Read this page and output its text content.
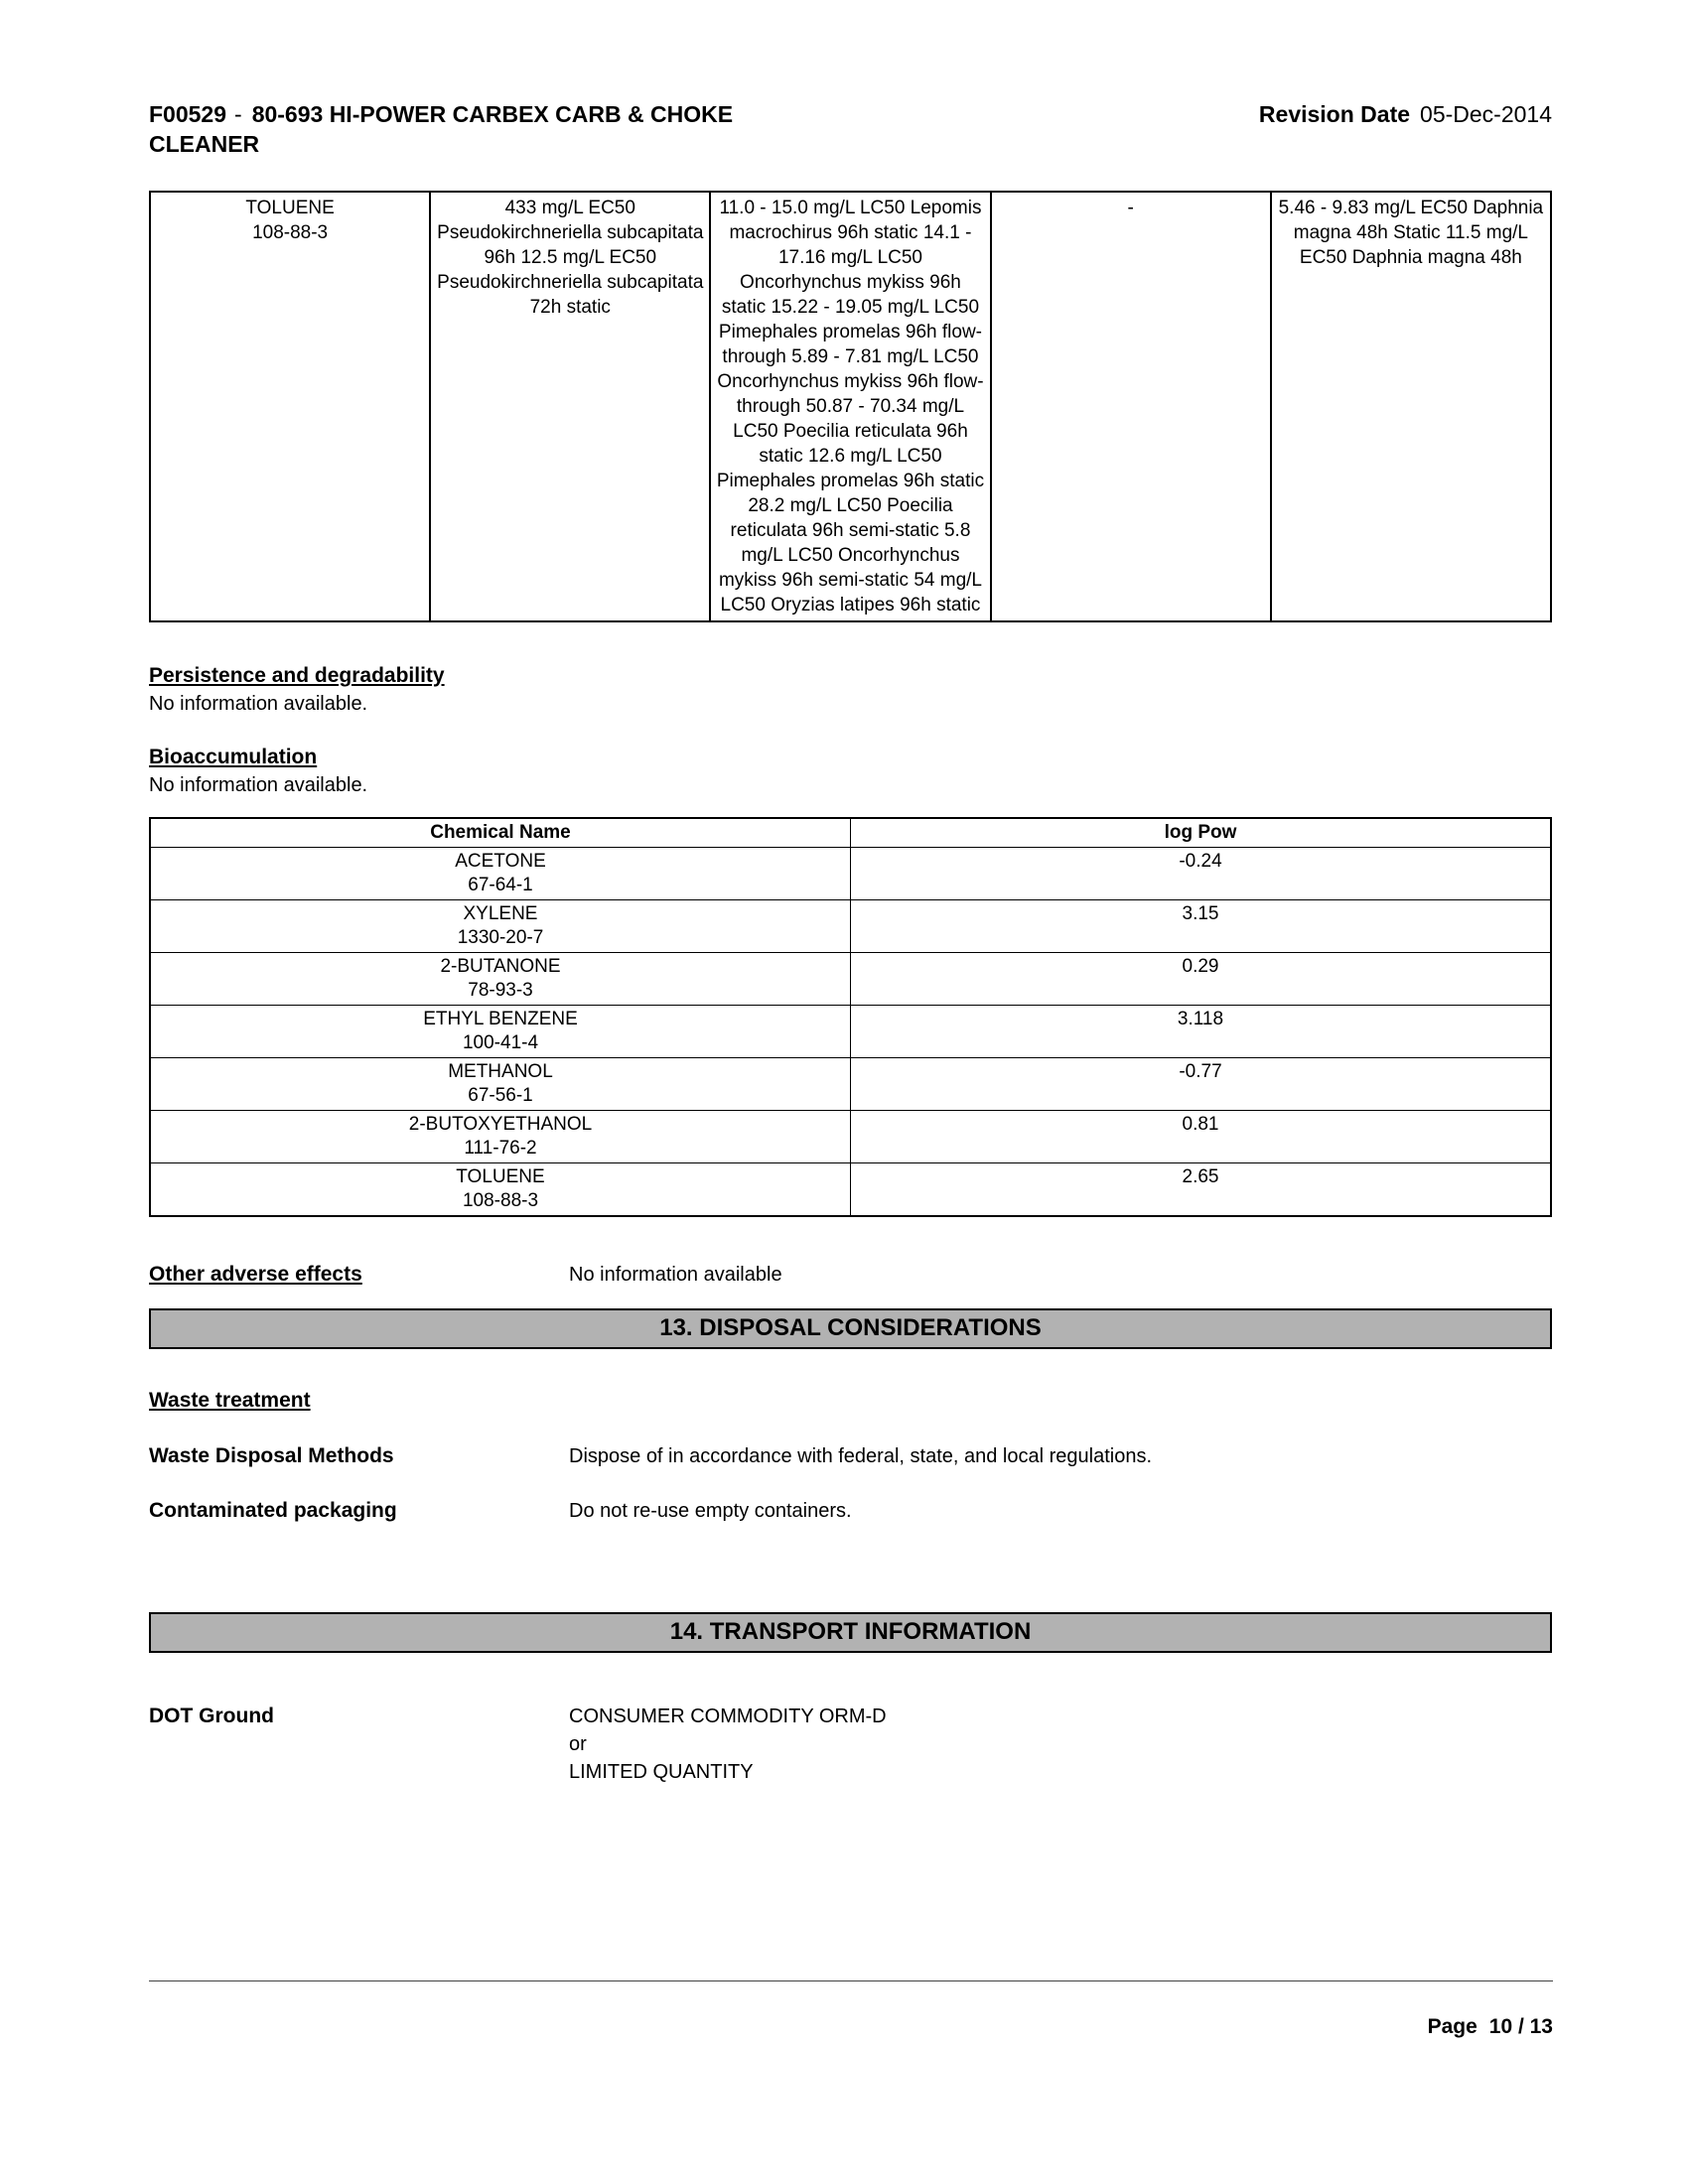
F00529 - 80-693 HI-POWER CARBEX CARB & CHOKE
CLEANER
Revision Date 05-Dec-2014
TOLUENE
108-88-3
	433 mg/L EC50 Pseudokirchneriella subcapitata 96h 12.5 mg/L EC50 Pseudokirchneriella subcapitata 72h static	11.0 - 15.0 mg/L LC50 Lepomis macrochirus 96h static 14.1 - 17.16 mg/L LC50 Oncorhynchus mykiss 96h static 15.22 - 19.05 mg/L LC50 Pimephales promelas 96h flow-through 5.89 - 7.81 mg/L LC50 Oncorhynchus mykiss 96h flow-through 50.87 - 70.34 mg/L LC50 Poecilia reticulata 96h static 12.6 mg/L LC50 Pimephales promelas 96h static 28.2 mg/L LC50 Poecilia reticulata 96h semi-static 5.8 mg/L LC50 Oncorhynchus mykiss 96h semi-static 54 mg/L LC50 Oryzias latipes 96h static	-	5.46 - 9.83 mg/L EC50 Daphnia magna 48h Static 11.5 mg/L EC50 Daphnia magna 48h
Persistence and degradability
No information available.
Bioaccumulation
No information available.
Chemical Name	log Pow

ACETONE
67-64-1	-0.24

XYLENE
1330-20-7	3.15

2-BUTANONE
78-93-3	0.29

ETHYL BENZENE
100-41-4	3.118

METHANOL
67-56-1	-0.77

2-BUTOXYETHANOL
111-76-2	0.81

TOLUENE
108-88-3	2.65
Other adverse effects	No information available
13. DISPOSAL CONSIDERATIONS
Waste treatment
Waste Disposal Methods	Dispose of in accordance with federal, state, and local regulations.
Contaminated packaging	Do not re-use empty containers.
14. TRANSPORT INFORMATION
DOT Ground	CONSUMER COMMODITY ORM-D
or
LIMITED QUANTITY
Page 10 / 13
